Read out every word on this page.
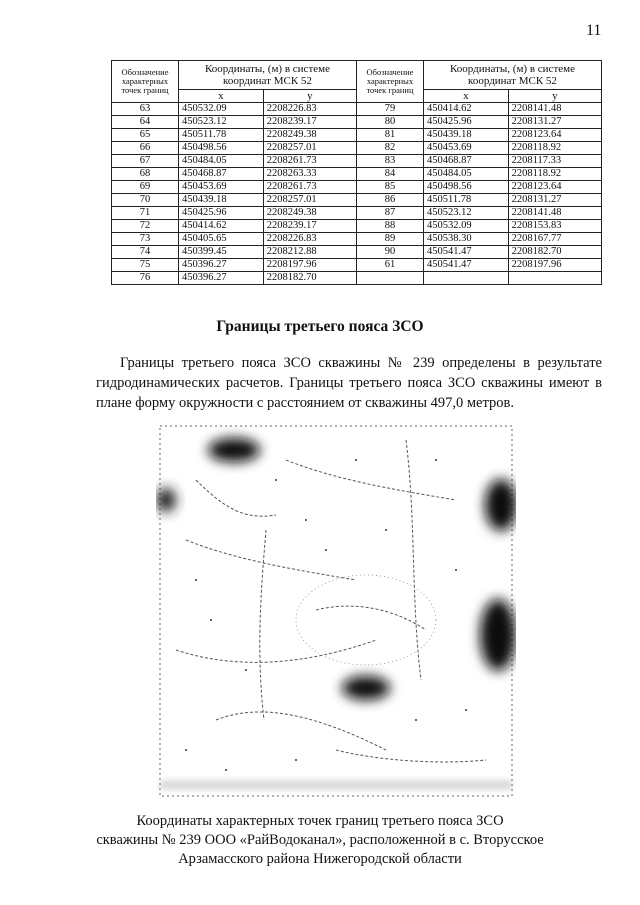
11
Обозначение характерных точек границ	Координаты, (м) в системе координат МСК 52		Обозначение характерных точек границ	Координаты, (м) в системе координат МСК 52	
	x	y		x	y
63	450532.09	2208226.83	79	450414.62	2208141.48
64	450523.12	2208239.17	80	450425.96	2208131.27
65	450511.78	2208249.38	81	450439.18	2208123.64
66	450498.56	2208257.01	82	450453.69	2208118.92
67	450484.05	2208261.73	83	450468.87	2208117.33
68	450468.87	2208263.33	84	450484.05	2208118.92
69	450453.69	2208261.73	85	450498.56	2208123.64
70	450439.18	2208257.01	86	450511.78	2208131.27
71	450425.96	2208249.38	87	450523.12	2208141.48
72	450414.62	2208239.17	88	450532.09	2208153.83
73	450405.65	2208226.83	89	450538.30	2208167.77
74	450399.45	2208212.88	90	450541.47	2208182.70
75	450396.27	2208197.96	61	450541.47	2208197.96
76	450396.27	2208182.70			
Границы третьего пояса ЗСО
Границы третьего пояса ЗСО скважины № 239 определены в результате гидродинамических расчетов. Границы третьего пояса ЗСО скважины имеют в плане форму окружности с расстоянием от скважины 497,0 метров.
Координаты характерных точек границ третьего пояса ЗСО
скважины № 239 ООО «РайВодоканал», расположенной в с. Вторусское
Арзамасского района Нижегородской области
